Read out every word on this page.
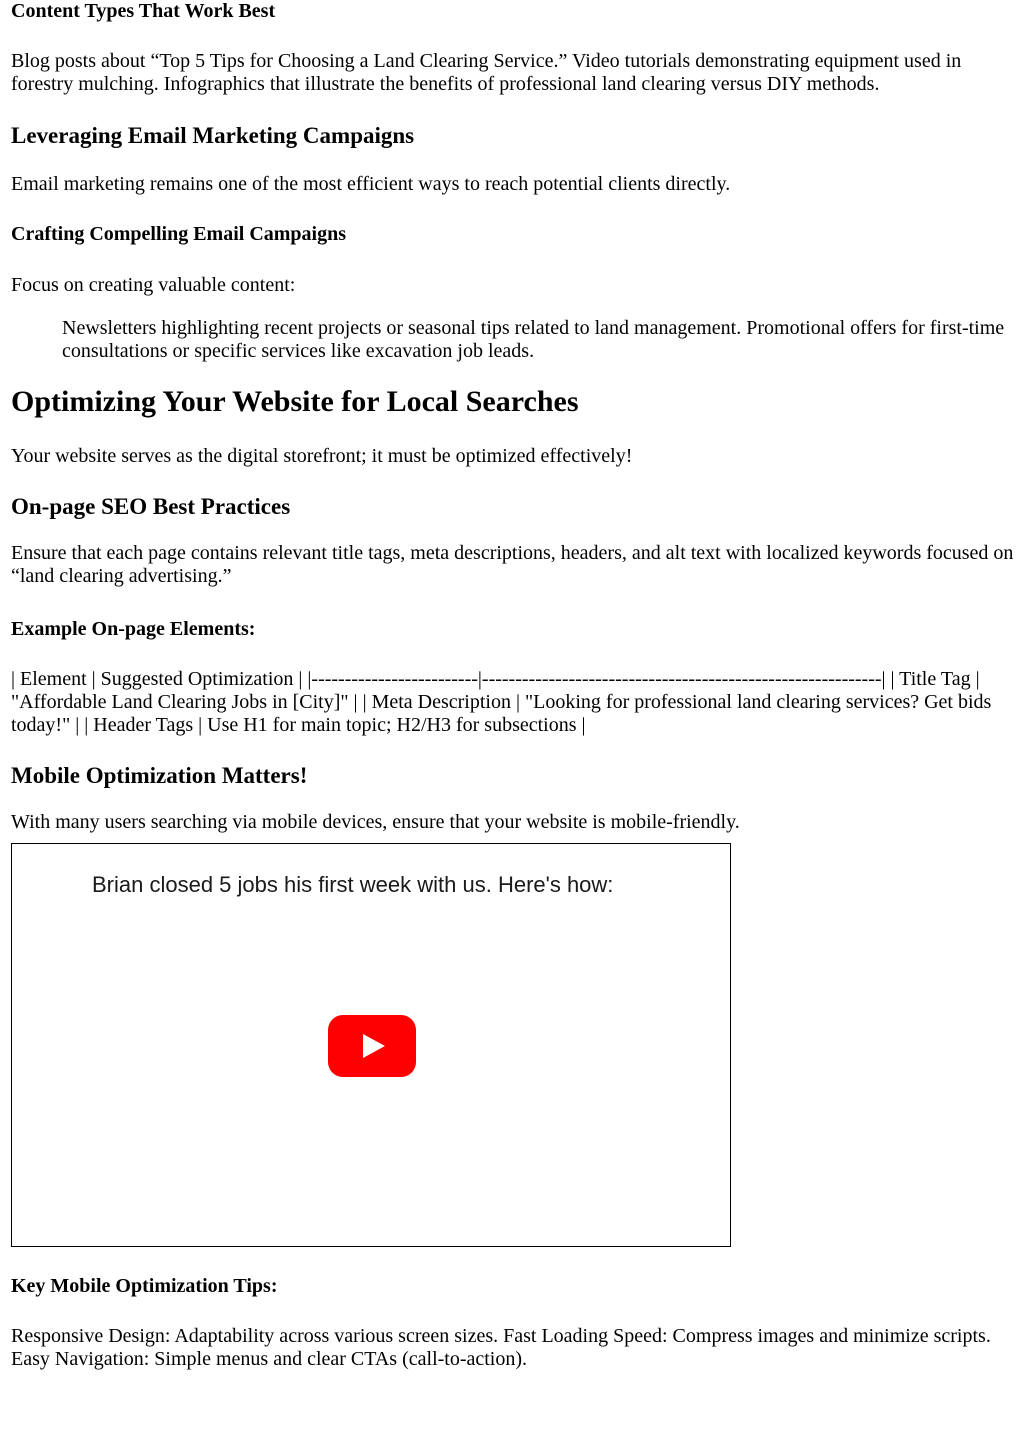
Content Types That Work Best

Blog posts about “Top 5 Tips for Choosing a Land Clearing Service.” Video tutorials demonstrating equipment used in forestry mulching. Infographics that illustrate the benefits of professional land clearing versus DIY methods.

Leveraging Email Marketing Campaigns

Email marketing remains one of the most efficient ways to reach potential clients directly.

Crafting Compelling Email Campaigns

Focus on creating valuable content:

Newsletters highlighting recent projects or seasonal tips related to land management. Promotional offers for first-time consultations or specific services like excavation job leads.
Optimizing Your Website for Local Searches

Your website serves as the digital storefront; it must be optimized effectively!

On-page SEO Best Practices

Ensure that each page contains relevant title tags, meta descriptions, headers, and alt text with localized keywords focused on “land clearing advertising.”

Example On-page Elements:

| Element | Suggested Optimization | |-------------------------|------------------------------------------------------------| | Title Tag | "Affordable Land Clearing Jobs in [City]" | | Meta Description | "Looking for professional land clearing services? Get bids today!" | | Header Tags | Use H1 for main topic; H2/H3 for subsections |

Mobile Optimization Matters!

With many users searching via mobile devices, ensure that your website is mobile-friendly.

Brian closed 5 jobs his first week with us. Here's how:
Key Mobile Optimization Tips:

Responsive Design: Adaptability across various screen sizes. Fast Loading Speed: Compress images and minimize scripts. Easy Navigation: Simple menus and clear CTAs (call-to-action).
